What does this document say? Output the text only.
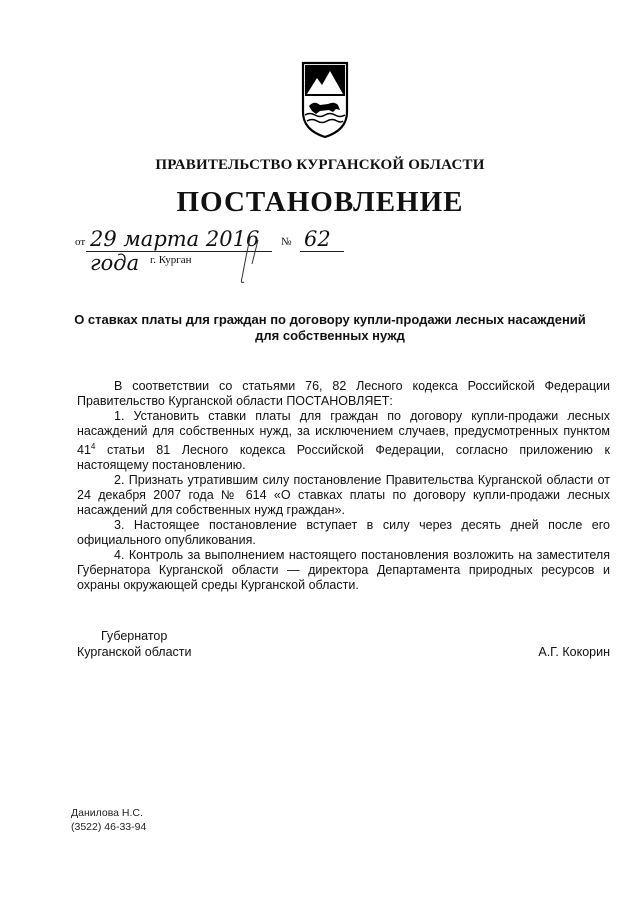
ПРАВИТЕЛЬСТВО КУРГАНСКОЙ ОБЛАСТИ
ПОСТАНОВЛЕНИЕ
от 29 марта 2016 года
№ 62
г. Курган
О ставках платы для граждан по договору купли-продажи лесных насаждений
для собственных нужд

В соответствии со статьями 76, 82 Лесного кодекса Российской Федерации Правительство Курганской области ПОСТАНОВЛЯЕТ:

1. Установить ставки платы для граждан по договору купли-продажи лесных насаждений для собственных нужд, за исключением случаев, предусмотренных пунктом $41^4$ статьи 81 Лесного кодекса Российской Федерации, согласно приложению к настоящему постановлению.

2. Признать утратившим силу постановление Правительства Курганской области от 24 декабря 2007 года № 614 «О ставках платы по договору купли-продажи лесных насаждений для собственных нужд граждан».

3. Настоящее постановление вступает в силу через десять дней после его официального опубликования.

4. Контроль за выполнением настоящего постановления возложить на заместителя Губернатора Курганской области — директора Департамента природных ресурсов и охраны окружающей среды Курганской области.

Губернатор
Курганской области	А.Г. Кокорин
Данилова Н.С.
(3522) 46-33-94
